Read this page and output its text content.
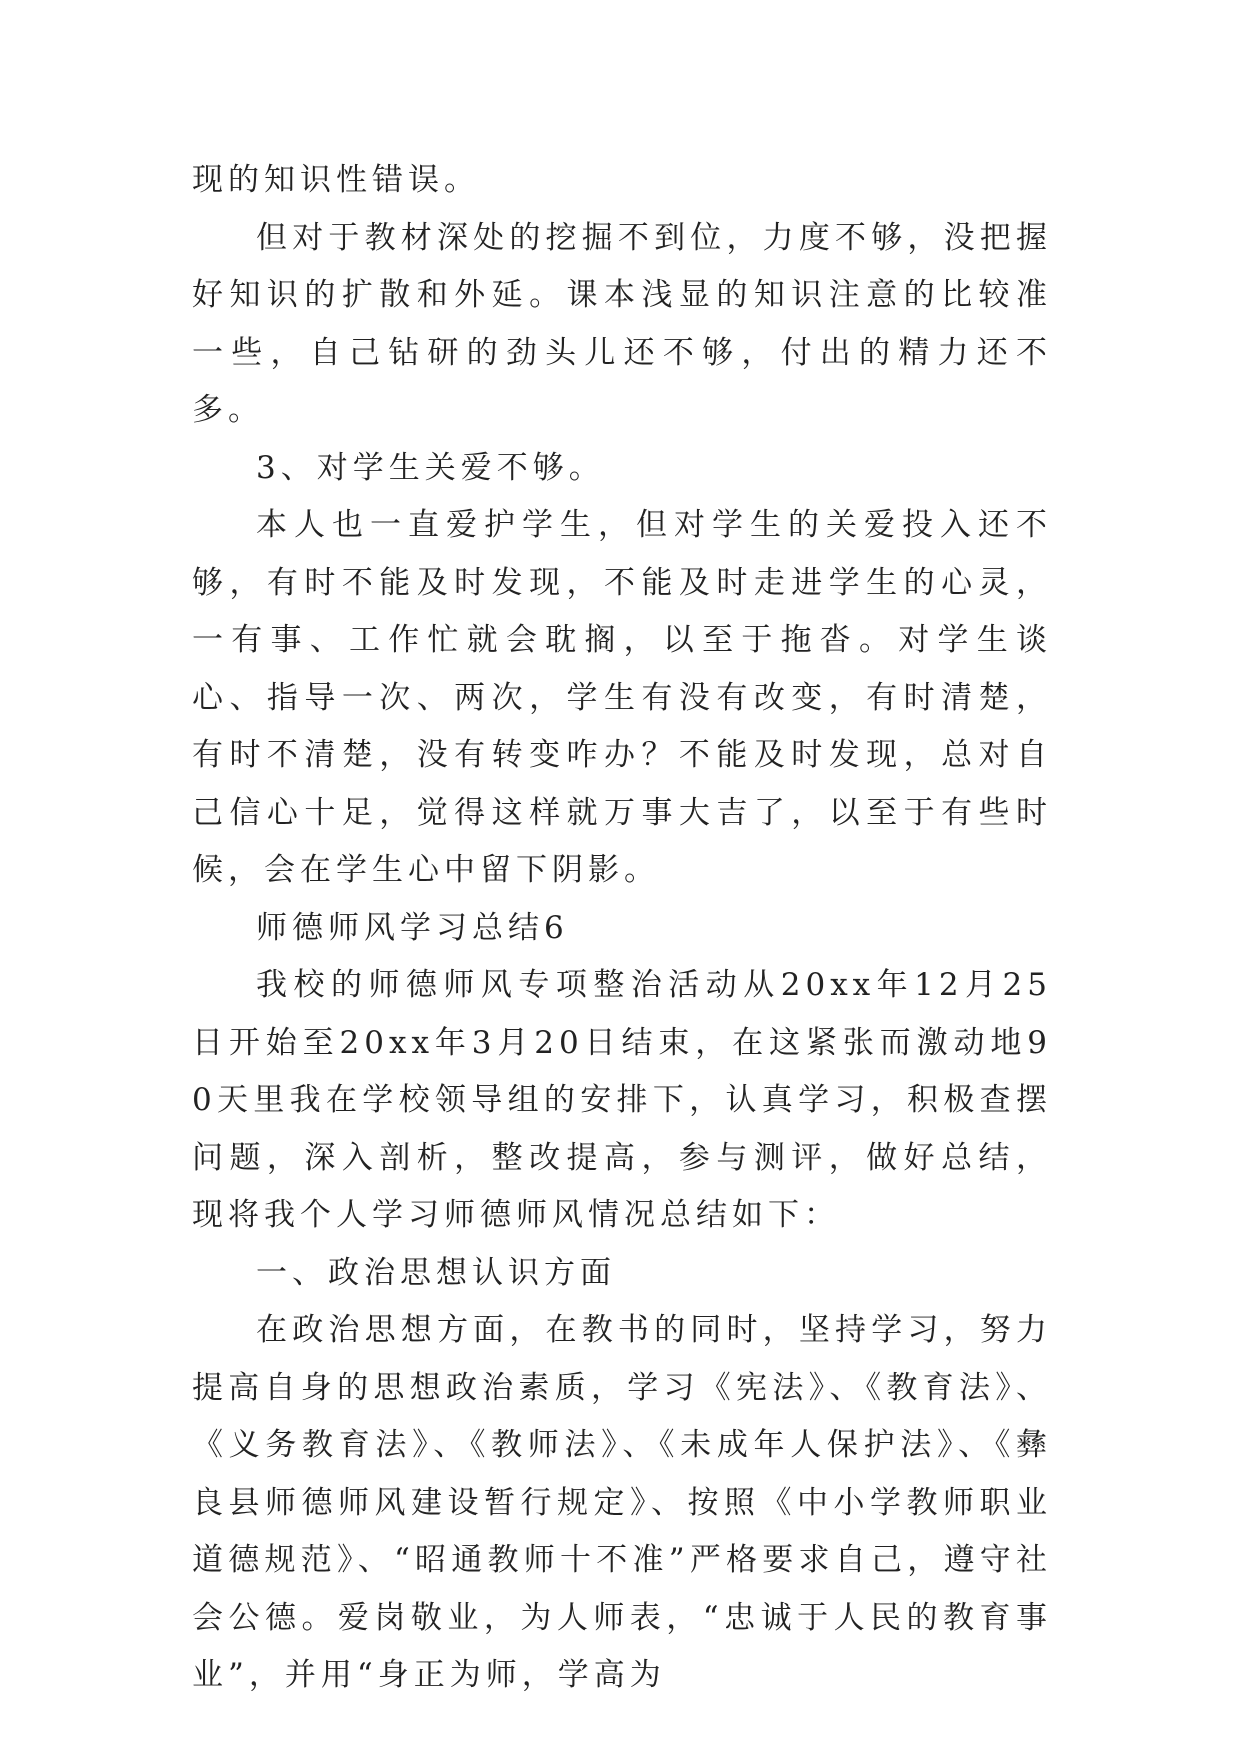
现的知识性错误。

但对于教材深处的挖掘不到位，力度不够，没把握好知识的扩散和外延。课本浅显的知识注意的比较准一些，自己钻研的劲头儿还不够，付出的精力还不多。

3、对学生关爱不够。

本人也一直爱护学生，但对学生的关爱投入还不够，有时不能及时发现，不能及时走进学生的心灵，一有事、工作忙就会耽搁，以至于拖沓。对学生谈心、指导一次、两次，学生有没有改变，有时清楚，有时不清楚，没有转变咋办？不能及时发现，总对自己信心十足，觉得这样就万事大吉了，以至于有些时候，会在学生心中留下阴影。

师德师风学习总结6

我校的师德师风专项整治活动从20xx年12月25日开始至20xx年3月20日结束，在这紧张而激动地90天里我在学校领导组的安排下，认真学习，积极查摆问题，深入剖析，整改提高，参与测评，做好总结，现将我个人学习师德师风情况总结如下：

一、政治思想认识方面

在政治思想方面，在教书的同时，坚持学习，努力提高自身的思想政治素质，学习《宪法》、《教育法》、《义务教育法》、《教师法》、《未成年人保护法》、《彝良县师德师风建设暂行规定》、按照《中小学教师职业道德规范》、“昭通教师十不准”严格要求自己，遵守社会公德。爱岗敬业，为人师表，“忠诚于人民的教育事业”，并用“身正为师，学高为
